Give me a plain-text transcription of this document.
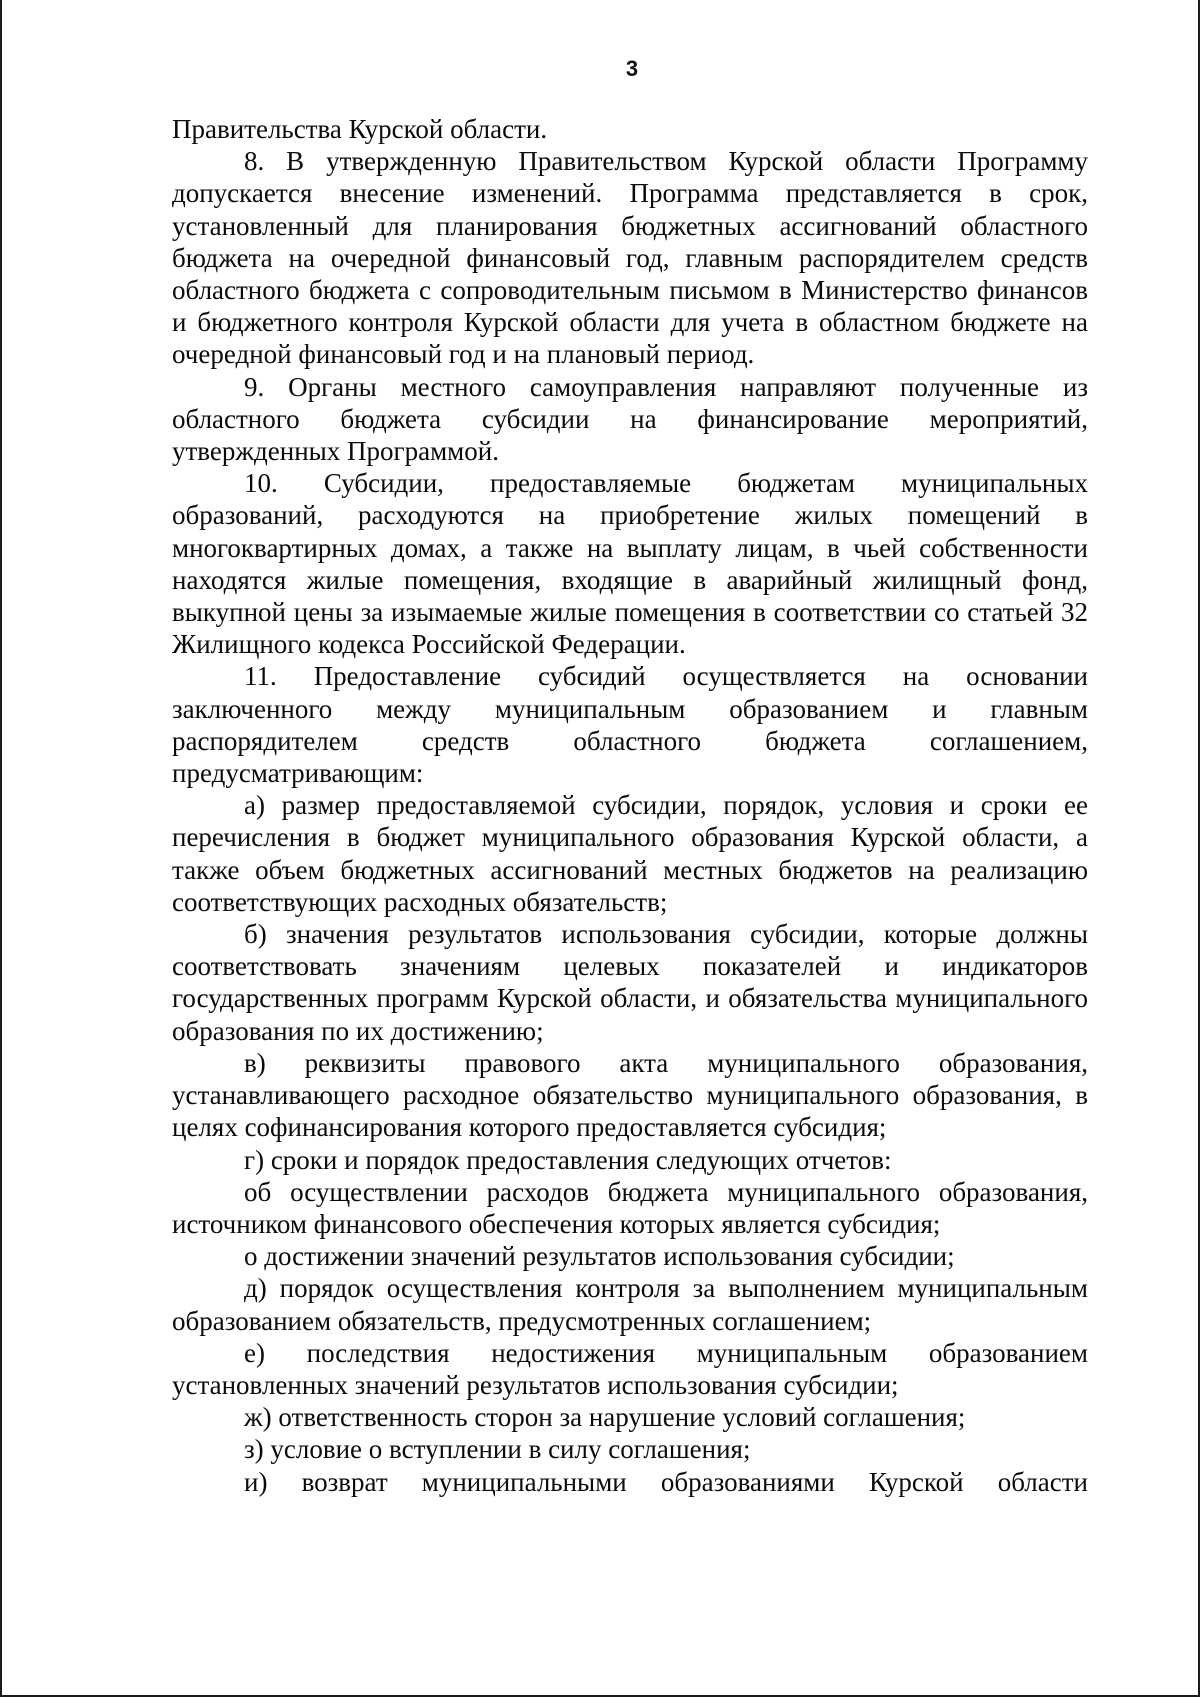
3

Правительства Курской области.

8. В утвержденную Правительством Курской области Программу допускается внесение изменений. Программа представляется в срок, установленный для планирования бюджетных ассигнований областного бюджета на очередной финансовый год, главным распорядителем средств областного бюджета с сопроводительным письмом в Министерство финансов и бюджетного контроля Курской области для учета в областном бюджете на очередной финансовый год и на плановый период.

9. Органы местного самоуправления направляют полученные из областного бюджета субсидии на финансирование мероприятий, утвержденных Программой.

10. Субсидии, предоставляемые бюджетам муниципальных образований, расходуются на приобретение жилых помещений в многоквартирных домах, а также на выплату лицам, в чьей собственности находятся жилые помещения, входящие в аварийный жилищный фонд, выкупной цены за изымаемые жилые помещения в соответствии со статьей 32 Жилищного кодекса Российской Федерации.

11. Предоставление субсидий осуществляется на основании заключенного между муниципальным образованием и главным распорядителем средств областного бюджета соглашением, предусматривающим:

а) размер предоставляемой субсидии, порядок, условия и сроки ее перечисления в бюджет муниципального образования Курской области, а также объем бюджетных ассигнований местных бюджетов на реализацию соответствующих расходных обязательств;

б) значения результатов использования субсидии, которые должны соответствовать значениям целевых показателей и индикаторов государственных программ Курской области, и обязательства муниципального образования по их достижению;

в) реквизиты правового акта муниципального образования, устанавливающего расходное обязательство муниципального образования, в целях софинансирования которого предоставляется субсидия;

г) сроки и порядок предоставления следующих отчетов:

об осуществлении расходов бюджета муниципального образования, источником финансового обеспечения которых является субсидия;

о достижении значений результатов использования субсидии;

д) порядок осуществления контроля за выполнением муниципальным образованием обязательств, предусмотренных соглашением;

е) последствия недостижения муниципальным образованием установленных значений результатов использования субсидии;

ж) ответственность сторон за нарушение условий соглашения;

з) условие о вступлении в силу соглашения;

и) возврат муниципальными образованиями Курской области
